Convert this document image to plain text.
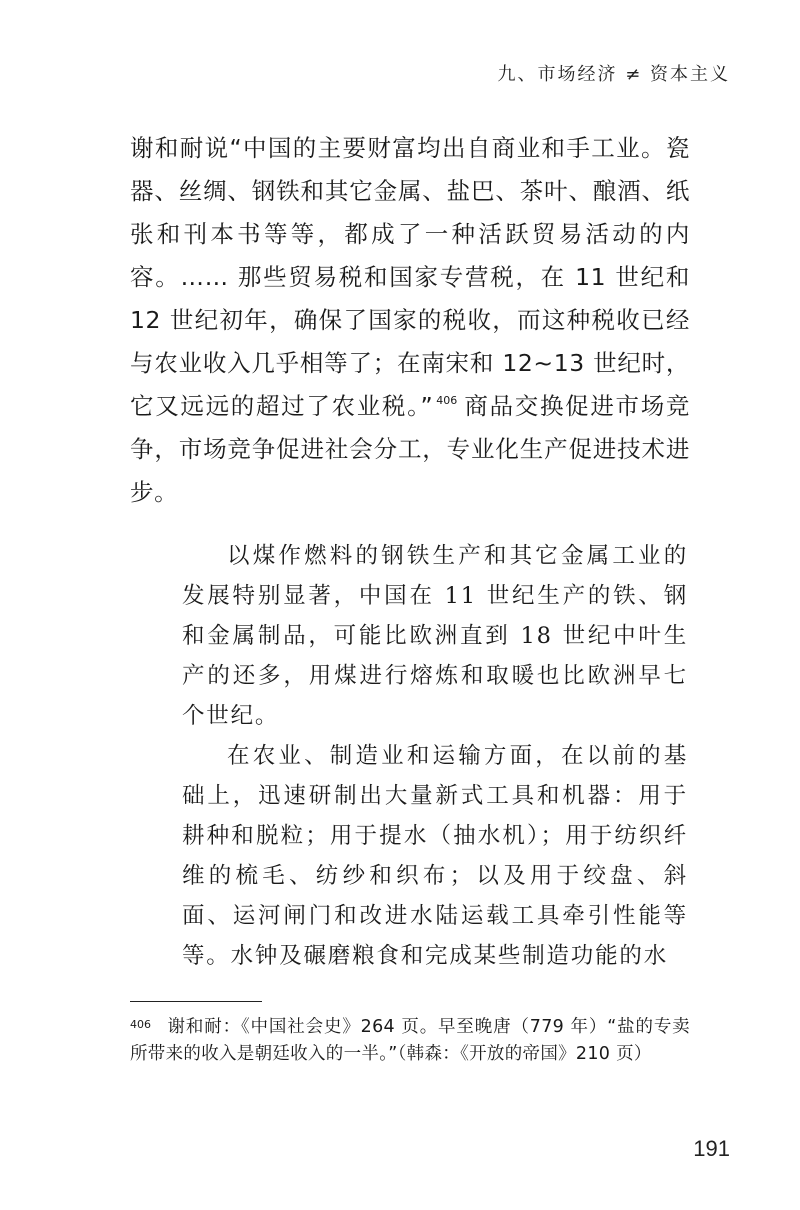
九、市场经济 ≠ 资本主义

谢和耐说“中国的主要财富均出自商业和手工业。瓷器、丝绸、钢铁和其它金属、盐巴、茶叶、酿酒、纸张和刊本书等等，都成了一种活跃贸易活动的内容。…… 那些贸易税和国家专营税，在 11 世纪和 12 世纪初年，确保了国家的税收，而这种税收已经与农业收入几乎相等了；在南宋和 12~13 世纪时，它又远远的超过了农业税。” $^{406}$ 商品交换促进市场竞争，市场竞争促进社会分工，专业化生产促进技术进步。

以煤作燃料的钢铁生产和其它金属工业的发展特别显著，中国在 11 世纪生产的铁、钢和金属制品，可能比欧洲直到 18 世纪中叶生产的还多，用煤进行熔炼和取暖也比欧洲早七个世纪。

在农业、制造业和运输方面，在以前的基础上，迅速研制出大量新式工具和机器：用于耕种和脱粒；用于提水（抽水机）；用于纺织纤维的梳毛、纺纱和织布；以及用于绞盘、斜面、运河闸门和改进水陆运载工具牵引性能等等。水钟及碾磨粮食和完成某些制造功能的水

$^{406}$ 谢和耐：《中国社会史》264 页。早至晚唐（779 年）“盐的专卖所带来的收入是朝廷收入的一半。”（韩森：《开放的帝国》210 页）

191
